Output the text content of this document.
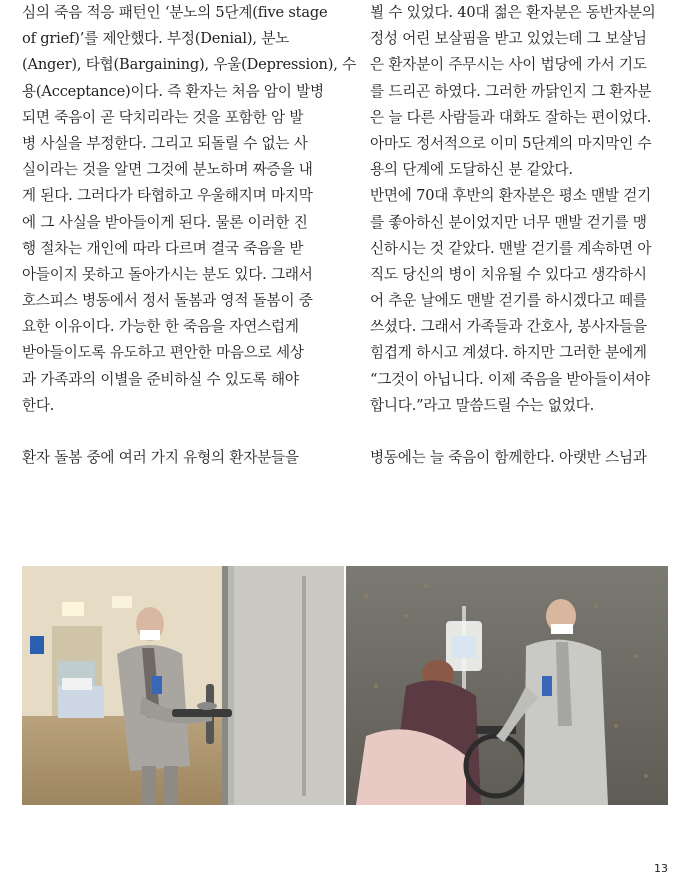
심의 죽음 적응 패턴인 ‘분노의 5단계(five stage
of grief)’를 제안했다. 부정(Denial), 분노
(Anger), 타협(Bargaining), 우울(Depression), 수
용(Acceptance)이다. 즉 환자는 처음 암이 발병
되면 죽음이 곧 닥치리라는 것을 포함한 암 발
병 사실을 부정한다. 그리고 되돌릴 수 없는 사
실이라는 것을 알면 그것에 분노하며 짜증을 내
게 된다. 그러다가 타협하고 우울해지며 마지막
에 그 사실을 받아들이게 된다. 물론 이러한 진
행 절차는 개인에 따라 다르며 결국 죽음을 받
아들이지 못하고 돌아가시는 분도 있다. 그래서
호스피스 병동에서 정서 돌봄과 영적 돌봄이 중
요한 이유이다. 가능한 한 죽음을 자연스럽게
받아들이도록 유도하고 편안한 마음으로 세상
과 가족과의 이별을 준비하실 수 있도록 해야
한다.
환자 돌봄 중에 여러 가지 유형의 환자분들을
뵐 수 있었다. 40대 젊은 환자분은 동반자분의
정성 어린 보살핌을 받고 있었는데 그 보살님
은 환자분이 주무시는 사이 법당에 가서 기도
를 드리곤 하였다. 그러한 까닭인지 그 환자분
은 늘 다른 사람들과 대화도 잘하는 편이었다.
아마도 정서적으로 이미 5단계의 마지막인 수
용의 단계에 도달하신 분 같았다.
반면에 70대 후반의 환자분은 평소 맨발 걷기
를 좋아하신 분이었지만 너무 맨발 걷기를 맹
신하시는 것 같았다. 맨발 걷기를 계속하면 아
직도 당신의 병이 치유될 수 있다고 생각하시
어 추운 날에도 맨발 걷기를 하시겠다고 떼를
쓰셨다. 그래서 가족들과 간호사, 봉사자들을
힘겹게 하시고 계셨다. 하지만 그러한 분에게
“그것이 아닙니다. 이제 죽음을 받아들이셔야
합니다.”라고 말씀드릴 수는 없었다.
병동에는 늘 죽음이 함께한다. 아랫반 스님과
13
